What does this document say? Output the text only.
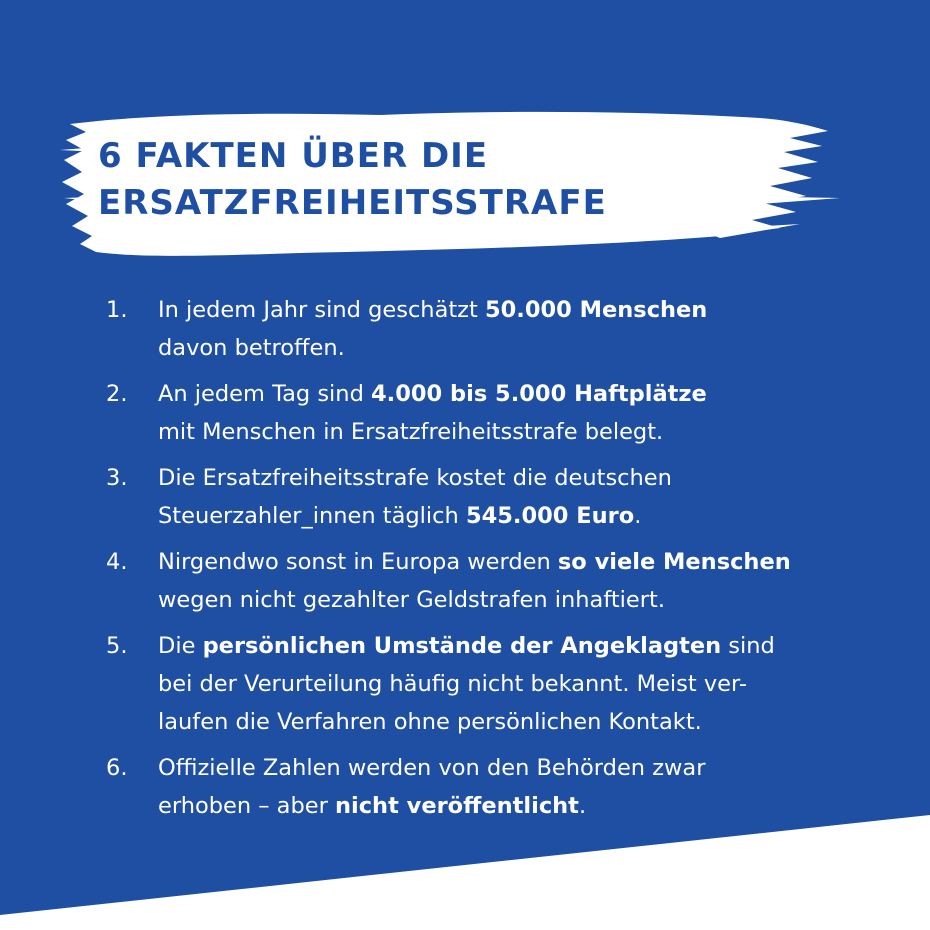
6 FAKTEN ÜBER DIE
ERSATZFREIHEITSSTRAFE
1. In jedem Jahr sind geschätzt 50.000 Menschen
davon betroffen.
2. An jedem Tag sind 4.000 bis 5.000 Haftplätze
mit Menschen in Ersatzfreiheitsstrafe belegt.
3. Die Ersatzfreiheitsstrafe kostet die deutschen
Steuerzahler_innen täglich 545.000 Euro.
4. Nirgendwo sonst in Europa werden so viele Menschen
wegen nicht gezahlter Geldstrafen inhaftiert.
5. Die persönlichen Umstände der Angeklagten sind
bei der Verurteilung häufig nicht bekannt. Meist ver-
laufen die Verfahren ohne persönlichen Kontakt.
6. Offizielle Zahlen werden von den Behörden zwar
erhoben – aber nicht veröffentlicht.
